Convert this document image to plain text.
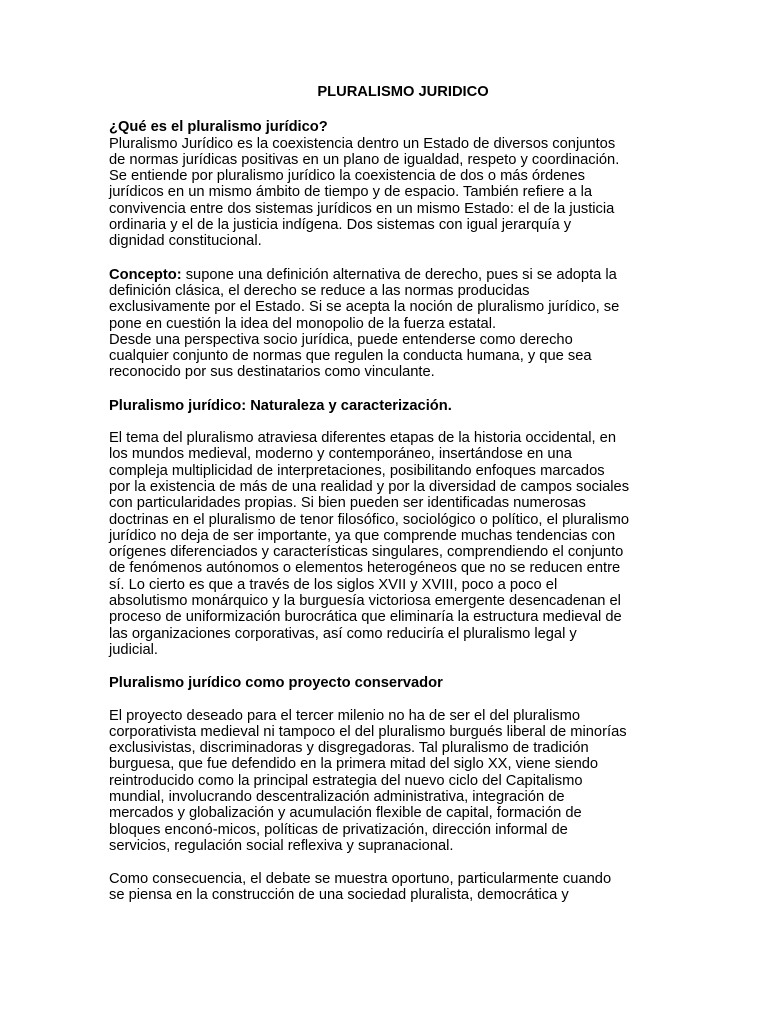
PLURALISMO JURIDICO
¿Qué es el pluralismo jurídico?
Pluralismo Jurídico es la coexistencia dentro un Estado de diversos conjuntos
de normas jurídicas positivas en un plano de igualdad, respeto y coordinación.
Se entiende por pluralismo jurídico la coexistencia de dos o más órdenes
jurídicos en un mismo ámbito de tiempo y de espacio. También refiere a la
convivencia entre dos sistemas jurídicos en un mismo Estado: el de la justicia
ordinaria y el de la justicia indígena. Dos sistemas con igual jerarquía y
dignidad constitucional.
Concepto: supone una definición alternativa de derecho, pues si se adopta la
definición clásica, el derecho se reduce a las normas producidas
exclusivamente por el Estado. Si se acepta la noción de pluralismo jurídico, se
pone en cuestión la idea del monopolio de la fuerza estatal.
Desde una perspectiva socio jurídica, puede entenderse como derecho
cualquier conjunto de normas que regulen la conducta humana, y que sea
reconocido por sus destinatarios como vinculante.
Pluralismo jurídico: Naturaleza y caracterización.
El tema del pluralismo atraviesa diferentes etapas de la historia occidental, en
los mundos medieval, moderno y contemporáneo, insertándose en una
compleja multiplicidad de interpretaciones, posibilitando enfoques marcados
por la existencia de más de una realidad y por la diversidad de campos sociales
con particularidades propias. Si bien pueden ser identificadas numerosas
doctrinas en el pluralismo de tenor filosófico, sociológico o político, el pluralismo
jurídico no deja de ser importante, ya que comprende muchas tendencias con
orígenes diferenciados y características singulares, comprendiendo el conjunto
de fenómenos autónomos o elementos heterogéneos que no se reducen entre
sí. Lo cierto es que a través de los siglos XVII y XVIII, poco a poco el
absolutismo monárquico y la burguesía victoriosa emergente desencadenan el
proceso de uniformización burocrática que eliminaría la estructura medieval de
las organizaciones corporativas, así como reduciría el pluralismo legal y
judicial.
Pluralismo jurídico como proyecto conservador
El proyecto deseado para el tercer milenio no ha de ser el del pluralismo
corporativista medieval ni tampoco el del pluralismo burgués liberal de minorías
exclusivistas, discriminadoras y disgregadoras. Tal pluralismo de tradición
burguesa, que fue defendido en la primera mitad del siglo XX, viene siendo
reintroducido como la principal estrategia del nuevo ciclo del Capitalismo
mundial, involucrando descentralización administrativa, integración de
mercados y globalización y acumulación flexible de capital, formación de
bloques enconó-micos, políticas de privatización, dirección informal de
servicios, regulación social reflexiva y supranacional.
Como consecuencia, el debate se muestra oportuno, particularmente cuando
se piensa en la construcción de una sociedad pluralista, democrática y
